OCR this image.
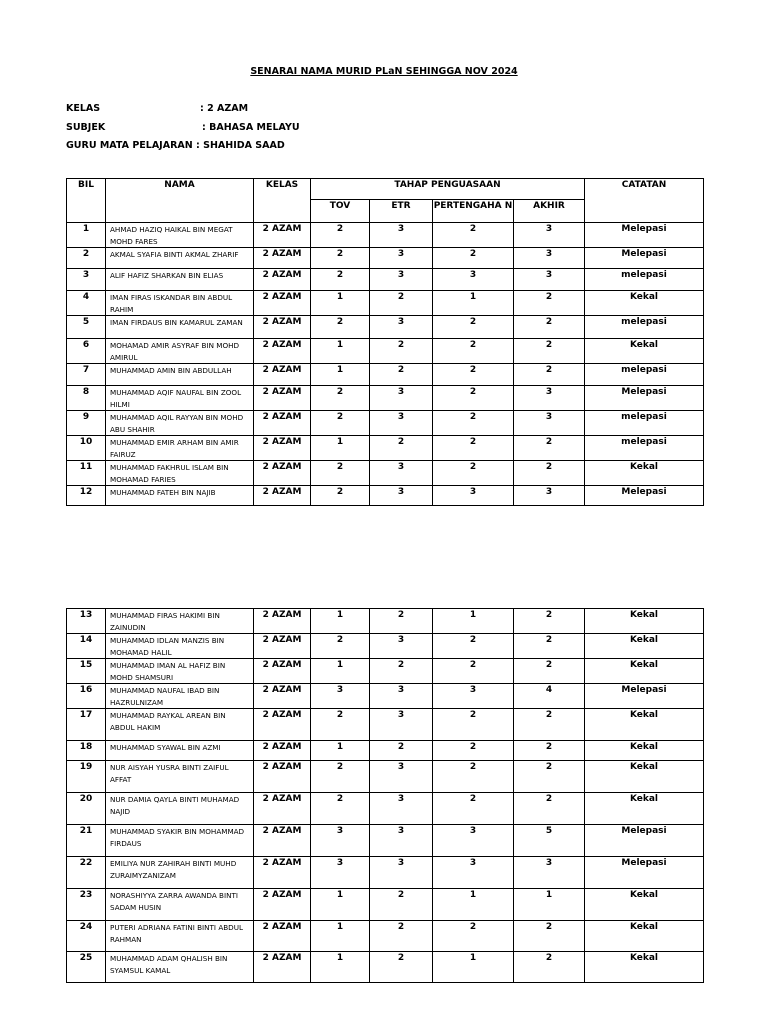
SENARAI NAMA MURID PLaN SEHINGGA NOV 2024
KELAS	: 2 AZAM
SUBJEK	: BAHASA MELAYU
GURU MATA PELAJARAN : SHAHIDA SAAD
BIL	NAMA	KELAS	TAHAP PENGUASAAN				CATATAN
			TOV	ETR	PERTENGAHA N	AKHIR	
1	AHMAD HAZIQ HAIKAL BIN MEGAT MOHD FARES	2 AZAM	2	3	2	3	Melepasi
2	AKMAL SYAFIA BINTI AKMAL ZHARIF	2 AZAM	2	3	2	3	Melepasi
3	ALIF HAFIZ SHARKAN BIN ELIAS	2 AZAM	2	3	3	3	melepasi
4	IMAN FIRAS ISKANDAR BIN ABDUL RAHIM	2 AZAM	1	2	1	2	Kekal
5	IMAN FIRDAUS BIN KAMARUL ZAMAN	2 AZAM	2	3	2	2	melepasi
6	MOHAMAD AMIR ASYRAF BIN MOHD AMIRUL	2 AZAM	1	2	2	2	Kekal
7	MUHAMMAD AMIN BIN ABDULLAH	2 AZAM	1	2	2	2	melepasi
8	MUHAMMAD AQIF NAUFAL BIN ZOOL HILMI	2 AZAM	2	3	2	3	Melepasi
9	MUHAMMAD AQIL RAYYAN BIN MOHD ABU SHAHIR	2 AZAM	2	3	2	3	melepasi
10	MUHAMMAD EMIR ARHAM BIN AMIR FAIRUZ	2 AZAM	1	2	2	2	melepasi
11	MUHAMMAD FAKHRUL ISLAM BIN MOHAMAD FARIES	2 AZAM	2	3	2	2	Kekal
12	MUHAMMAD FATEH BIN NAJIB	2 AZAM	2	3	3	3	Melepasi
13	MUHAMMAD FIRAS HAKIMI BIN ZAINUDIN	2 AZAM	1	2	1	2	Kekal
14	MUHAMMAD IDLAN MANZIS BIN MOHAMAD HALIL	2 AZAM	2	3	2	2	Kekal
15	MUHAMMAD IMAN AL HAFIZ BIN MOHD SHAMSURI	2 AZAM	1	2	2	2	Kekal
16	MUHAMMAD NAUFAL IBAD BIN HAZRULNIZAM	2 AZAM	3	3	3	4	Melepasi
17	MUHAMMAD RAYKAL AREAN BIN ABDUL HAKIM	2 AZAM	2	3	2	2	Kekal
18	MUHAMMAD SYAWAL BIN AZMI	2 AZAM	1	2	2	2	Kekal
19	NUR AISYAH YUSRA BINTI ZAIFUL AFFAT	2 AZAM	2	3	2	2	Kekal
20	NUR DAMIA QAYLA BINTI MUHAMAD NAJID	2 AZAM	2	3	2	2	Kekal
21	MUHAMMAD SYAKIR BIN MOHAMMAD FIRDAUS	2 AZAM	3	3	3	5	Melepasi
22	EMILIYA NUR ZAHIRAH BINTI MUHD ZURAIMYZANIZAM	2 AZAM	3	3	3	3	Melepasi
23	NORASHIYYA ZARRA AWANDA BINTI SADAM HUSIN	2 AZAM	1	2	1	1	Kekal
24	PUTERI ADRIANA FATINI BINTI ABDUL RAHMAN	2 AZAM	1	2	2	2	Kekal
25	MUHAMMAD ADAM QHALISH BIN SYAMSUL KAMAL	2 AZAM	1	2	1	2	Kekal
